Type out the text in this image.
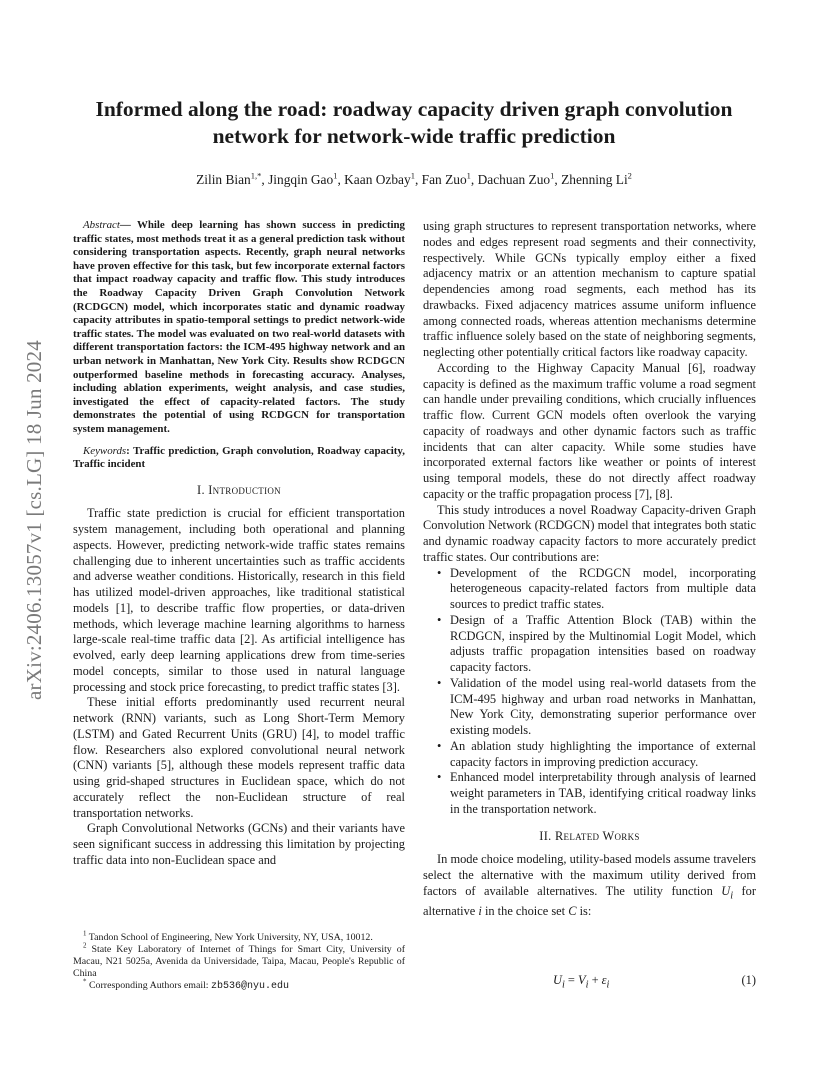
arXiv:2406.13057v1 [cs.LG] 18 Jun 2024
Informed along the road: roadway capacity driven graph convolution network for network-wide traffic prediction
Zilin Bian$^{1,*}$, Jingqin Gao$^1$, Kaan Ozbay$^1$, Fan Zuo$^1$, Dachuan Zuo$^1$, Zhenning Li$^2$

Abstract— While deep learning has shown success in predicting traffic states, most methods treat it as a general prediction task without considering transportation aspects. Recently, graph neural networks have proven effective for this task, but few incorporate external factors that impact roadway capacity and traffic flow. This study introduces the Roadway Capacity Driven Graph Convolution Network (RCDGCN) model, which incorporates static and dynamic roadway capacity attributes in spatio-temporal settings to predict network-wide traffic states. The model was evaluated on two real-world datasets with different transportation factors: the ICM-495 highway network and an urban network in Manhattan, New York City. Results show RCDGCN outperformed baseline methods in forecasting accuracy. Analyses, including ablation experiments, weight analysis, and case studies, investigated the effect of capacity-related factors. The study demonstrates the potential of using RCDGCN for transportation system management.

Keywords: Traffic prediction, Graph convolution, Roadway capacity, Traffic incident

I. Introduction

Traffic state prediction is crucial for efficient transportation system management, including both operational and planning aspects. However, predicting network-wide traffic states remains challenging due to inherent uncertainties such as traffic accidents and adverse weather conditions. Historically, research in this field has utilized model-driven approaches, like traditional statistical models [1], to describe traffic flow properties, or data-driven methods, which leverage machine learning algorithms to harness large-scale real-time traffic data [2]. As artificial intelligence has evolved, early deep learning applications drew from time-series model concepts, similar to those used in natural language processing and stock price forecasting, to predict traffic states [3].

These initial efforts predominantly used recurrent neural network (RNN) variants, such as Long Short-Term Memory (LSTM) and Gated Recurrent Units (GRU) [4], to model traffic flow. Researchers also explored convolutional neural network (CNN) variants [5], although these models represent traffic data using grid-shaped structures in Euclidean space, which do not accurately reflect the non-Euclidean structure of real transportation networks.

Graph Convolutional Networks (GCNs) and their variants have seen significant success in addressing this limitation by projecting traffic data into non-Euclidean space and

using graph structures to represent transportation networks, where nodes and edges represent road segments and their connectivity, respectively. While GCNs typically employ either a fixed adjacency matrix or an attention mechanism to capture spatial dependencies among road segments, each method has its drawbacks. Fixed adjacency matrices assume uniform influence among connected roads, whereas attention mechanisms determine traffic influence solely based on the state of neighboring segments, neglecting other potentially critical factors like roadway capacity.

According to the Highway Capacity Manual [6], roadway capacity is defined as the maximum traffic volume a road segment can handle under prevailing conditions, which crucially influences traffic flow. Current GCN models often overlook the varying capacity of roadways and other dynamic factors such as traffic incidents that can alter capacity. While some studies have incorporated external factors like weather or points of interest using temporal models, these do not directly affect roadway capacity or the traffic propagation process [7], [8].

This study introduces a novel Roadway Capacity-driven Graph Convolution Network (RCDGCN) model that integrates both static and dynamic roadway capacity factors to more accurately predict traffic states. Our contributions are:

• Development of the RCDGCN model, incorporating heterogeneous capacity-related factors from multiple data sources to predict traffic states.
• Design of a Traffic Attention Block (TAB) within the RCDGCN, inspired by the Multinomial Logit Model, which adjusts traffic propagation intensities based on roadway capacity factors.
• Validation of the model using real-world datasets from the ICM-495 highway and urban road networks in Manhattan, New York City, demonstrating superior performance over existing models.
• An ablation study highlighting the importance of external capacity factors in improving prediction accuracy.
• Enhanced model interpretability through analysis of learned weight parameters in TAB, identifying critical roadway links in the transportation network.
II. Related Works

In mode choice modeling, utility-based models assume travelers select the alternative with the maximum utility derived from factors of available alternatives. The utility function $U_i$ for alternative i in the choice set C is:

$U_i = V_i + \varepsilon_i$	(1)

$^1$ Tandon School of Engineering, New York University, NY, USA, 10012.

$^2$ State Key Laboratory of Internet of Things for Smart City, University of Macau, N21 5025a, Avenida da Universidade, Taipa, Macau, People's Republic of China

* Corresponding Authors email: zb536@nyu.edu
